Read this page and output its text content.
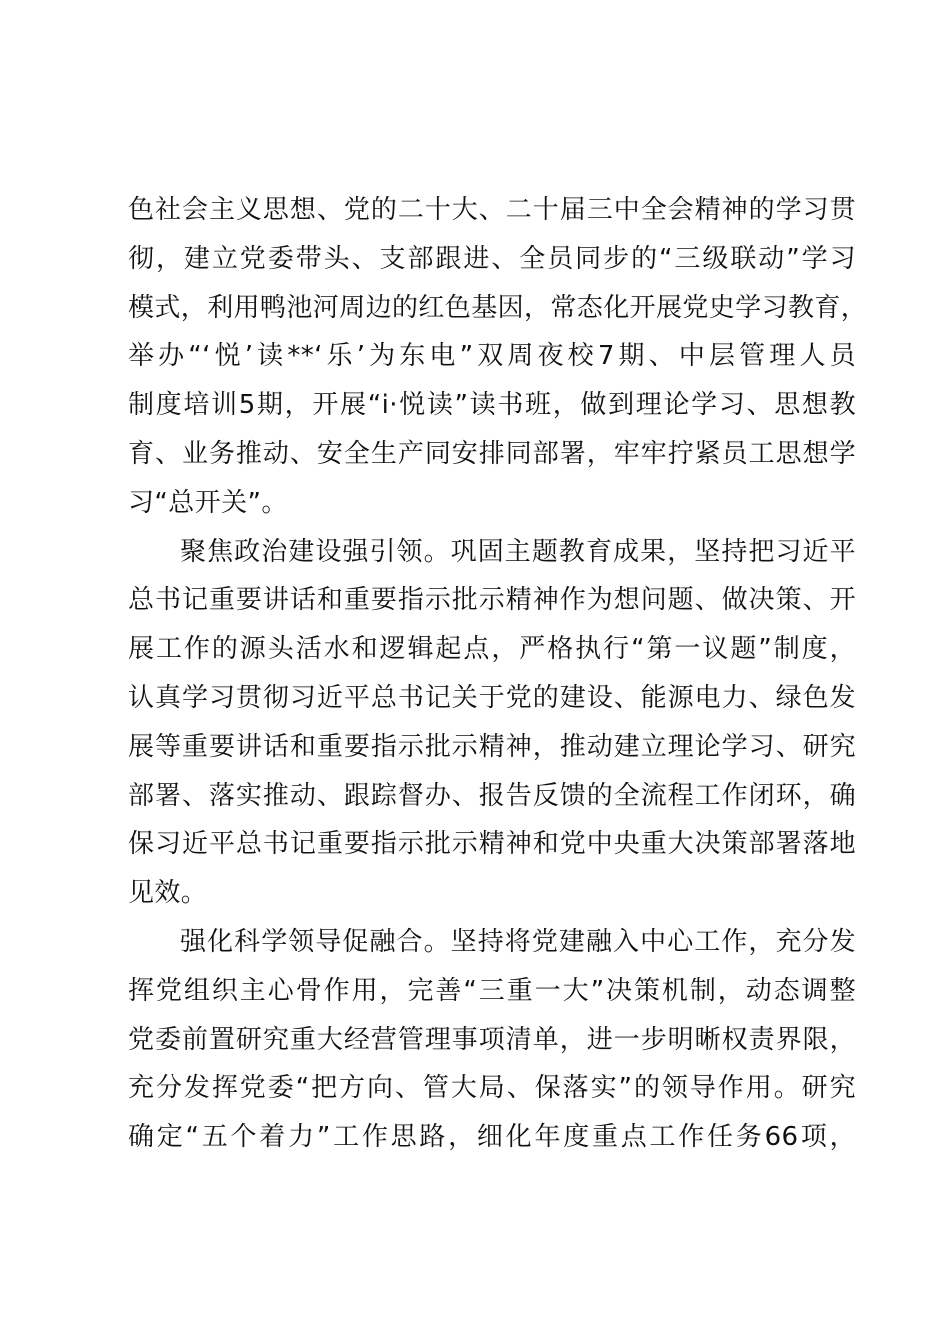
色社会主义思想、党的二十大、二十届三中全会精神的学习贯
彻，建立党委带头、支部跟进、全员同步的“三级联动”学习
模式，利用鸭池河周边的红色基因，常态化开展党史学习教育，
举办“‘悦’读**‘乐’为东电”双周夜校7期、中层管理人员
制度培训5期，开展“i·悦读”读书班，做到理论学习、思想教
育、业务推动、安全生产同安排同部署，牢牢拧紧员工思想学
习“总开关”。
聚焦政治建设强引领。巩固主题教育成果，坚持把习近平
总书记重要讲话和重要指示批示精神作为想问题、做决策、开
展工作的源头活水和逻辑起点，严格执行“第一议题”制度，
认真学习贯彻习近平总书记关于党的建设、能源电力、绿色发
展等重要讲话和重要指示批示精神，推动建立理论学习、研究
部署、落实推动、跟踪督办、报告反馈的全流程工作闭环，确
保习近平总书记重要指示批示精神和党中央重大决策部署落地
见效。
强化科学领导促融合。坚持将党建融入中心工作，充分发
挥党组织主心骨作用，完善“三重一大”决策机制，动态调整
党委前置研究重大经营管理事项清单，进一步明晰权责界限，
充分发挥党委“把方向、管大局、保落实”的领导作用。研究
确定“五个着力”工作思路，细化年度重点工作任务66项，
